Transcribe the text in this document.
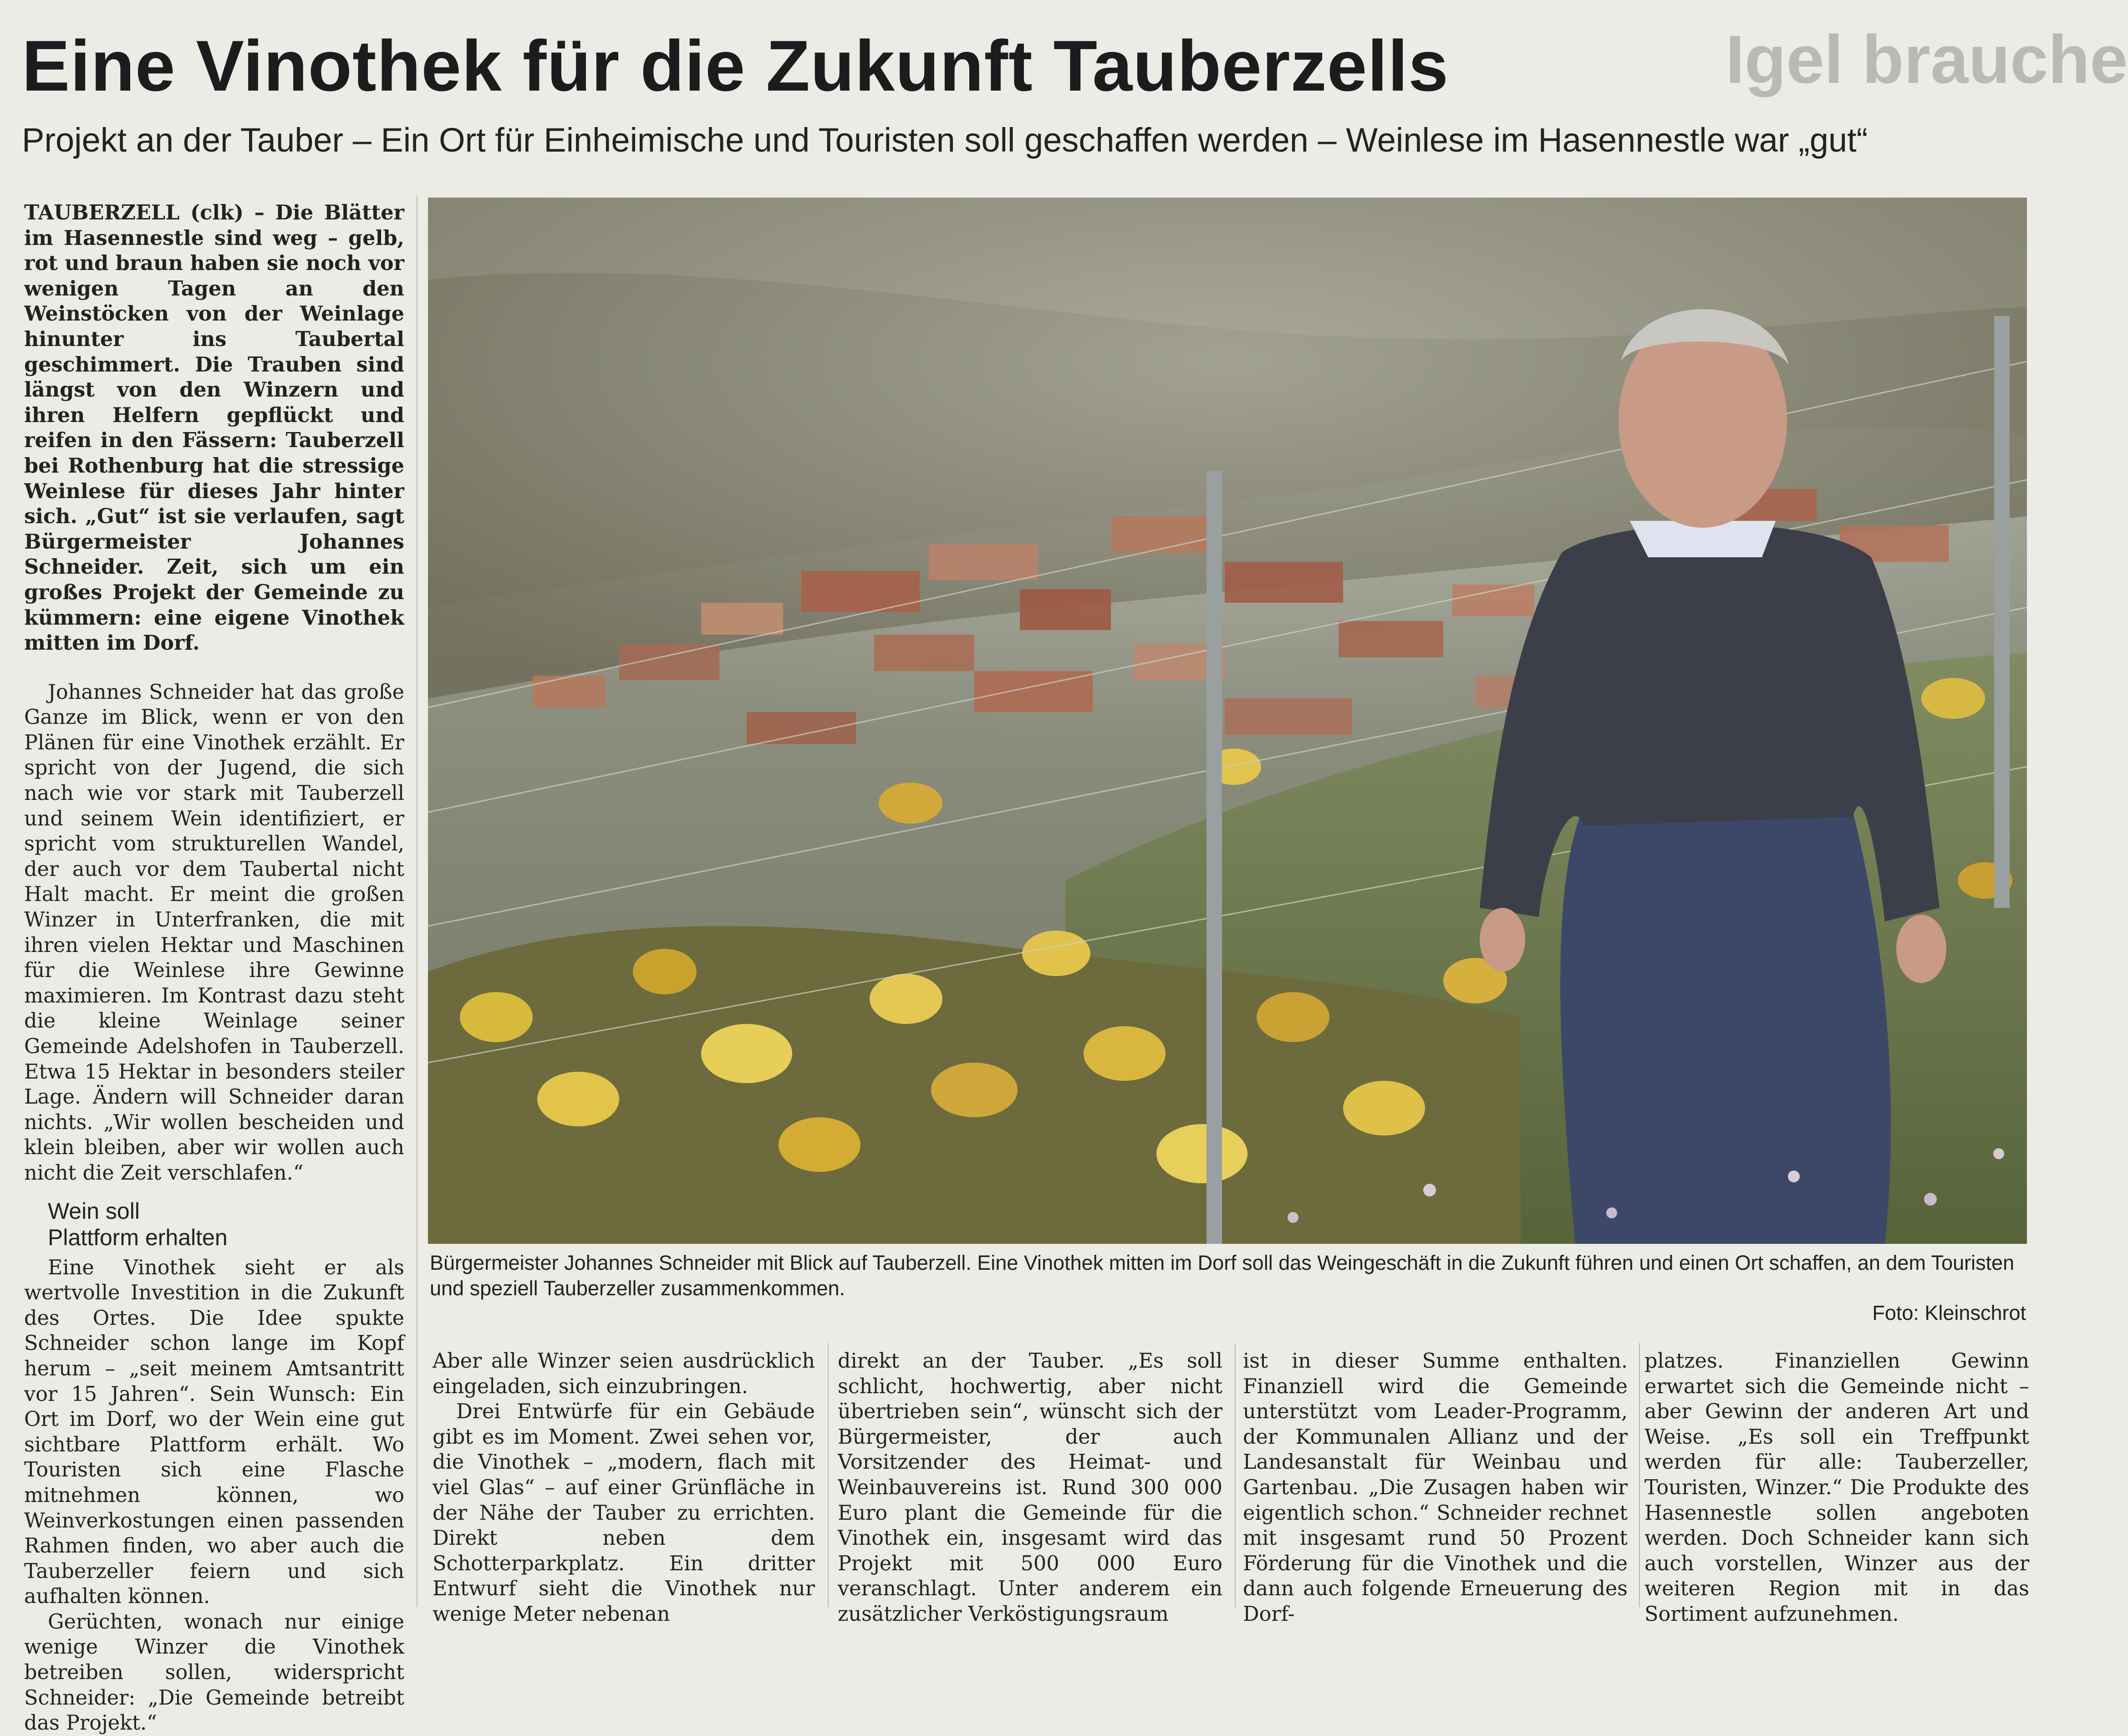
Eine Vinothek für die Zukunft Tauberzells
Projekt an der Tauber – Ein Ort für Einheimische und Touristen soll geschaffen werden – Weinlese im Hasennestle war „gut“
Igel brauche

TAUBERZELL (clk) – Die Blätter im Hasennestle sind weg – gelb, rot und braun haben sie noch vor wenigen Tagen an den Weinstöcken von der Weinlage hinunter ins Taubertal geschimmert. Die Trauben sind längst von den Winzern und ihren Helfern gepflückt und reifen in den Fässern: Tauberzell bei Rothenburg hat die stressige Weinlese für dieses Jahr hinter sich. „Gut“ ist sie verlaufen, sagt Bürgermeister Johannes Schneider. Zeit, sich um ein großes Projekt der Gemeinde zu kümmern: eine eigene Vinothek mitten im Dorf.

Johannes Schneider hat das große Ganze im Blick, wenn er von den Plänen für eine Vinothek erzählt. Er spricht von der Jugend, die sich nach wie vor stark mit Tauberzell und seinem Wein identifiziert, er spricht vom strukturellen Wandel, der auch vor dem Taubertal nicht Halt macht. Er meint die großen Winzer in Unterfranken, die mit ihren vielen Hektar und Maschinen für die Weinlese ihre Gewinne maximieren. Im Kontrast dazu steht die kleine Weinlage seiner Gemeinde Adelshofen in Tauberzell. Etwa 15 Hektar in besonders steiler Lage. Ändern will Schneider daran nichts. „Wir wollen bescheiden und klein bleiben, aber wir wollen auch nicht die Zeit verschlafen.“

Wein soll

Plattform erhalten

Eine Vinothek sieht er als wertvolle Investition in die Zukunft des Ortes. Die Idee spukte Schneider schon lange im Kopf herum – „seit meinem Amtsantritt vor 15 Jahren“. Sein Wunsch: Ein Ort im Dorf, wo der Wein eine gut sichtbare Plattform erhält. Wo Touristen sich eine Flasche mitnehmen können, wo Weinverkostungen einen passenden Rahmen finden, wo aber auch die Tauberzeller feiern und sich aufhalten können.

Gerüchten, wonach nur einige wenige Winzer die Vinothek betreiben sollen, widerspricht Schneider: „Die Gemeinde betreibt das Projekt.“

Bürgermeister Johannes Schneider mit Blick auf Tauberzell. Eine Vinothek mitten im Dorf soll das Weingeschäft in die Zukunft führen und einen Ort schaffen, an dem Touristen und speziell Tauberzeller zusammenkommen.
Foto: Kleinschrot

Aber alle Winzer seien ausdrücklich eingeladen, sich einzubringen.

Drei Entwürfe für ein Gebäude gibt es im Moment. Zwei sehen vor, die Vinothek – „modern, flach mit viel Glas“ – auf einer Grünfläche in der Nähe der Tauber zu errichten. Direkt neben dem Schotterparkplatz. Ein dritter Entwurf sieht die Vinothek nur wenige Meter nebenan

direkt an der Tauber. „Es soll schlicht, hochwertig, aber nicht übertrieben sein“, wünscht sich der Bürgermeister, der auch Vorsitzender des Heimat- und Weinbauvereins ist. Rund 300 000 Euro plant die Gemeinde für die Vinothek ein, insgesamt wird das Projekt mit 500 000 Euro veranschlagt. Unter anderem ein zusätzlicher Verköstigungsraum

ist in dieser Summe enthalten. Finanziell wird die Gemeinde unterstützt vom Leader-Programm, der Kommunalen Allianz und der Landesanstalt für Weinbau und Gartenbau. „Die Zusagen haben wir eigentlich schon.“ Schneider rechnet mit insgesamt rund 50 Prozent Förderung für die Vinothek und die dann auch folgende Erneuerung des Dorf-

platzes. Finanziellen Gewinn erwartet sich die Gemeinde nicht – aber Gewinn der anderen Art und Weise. „Es soll ein Treffpunkt werden für alle: Tauberzeller, Touristen, Winzer.“ Die Produkte des Hasennestle sollen angeboten werden. Doch Schneider kann sich auch vorstellen, Winzer aus der weiteren Region mit in das Sortiment aufzunehmen.
